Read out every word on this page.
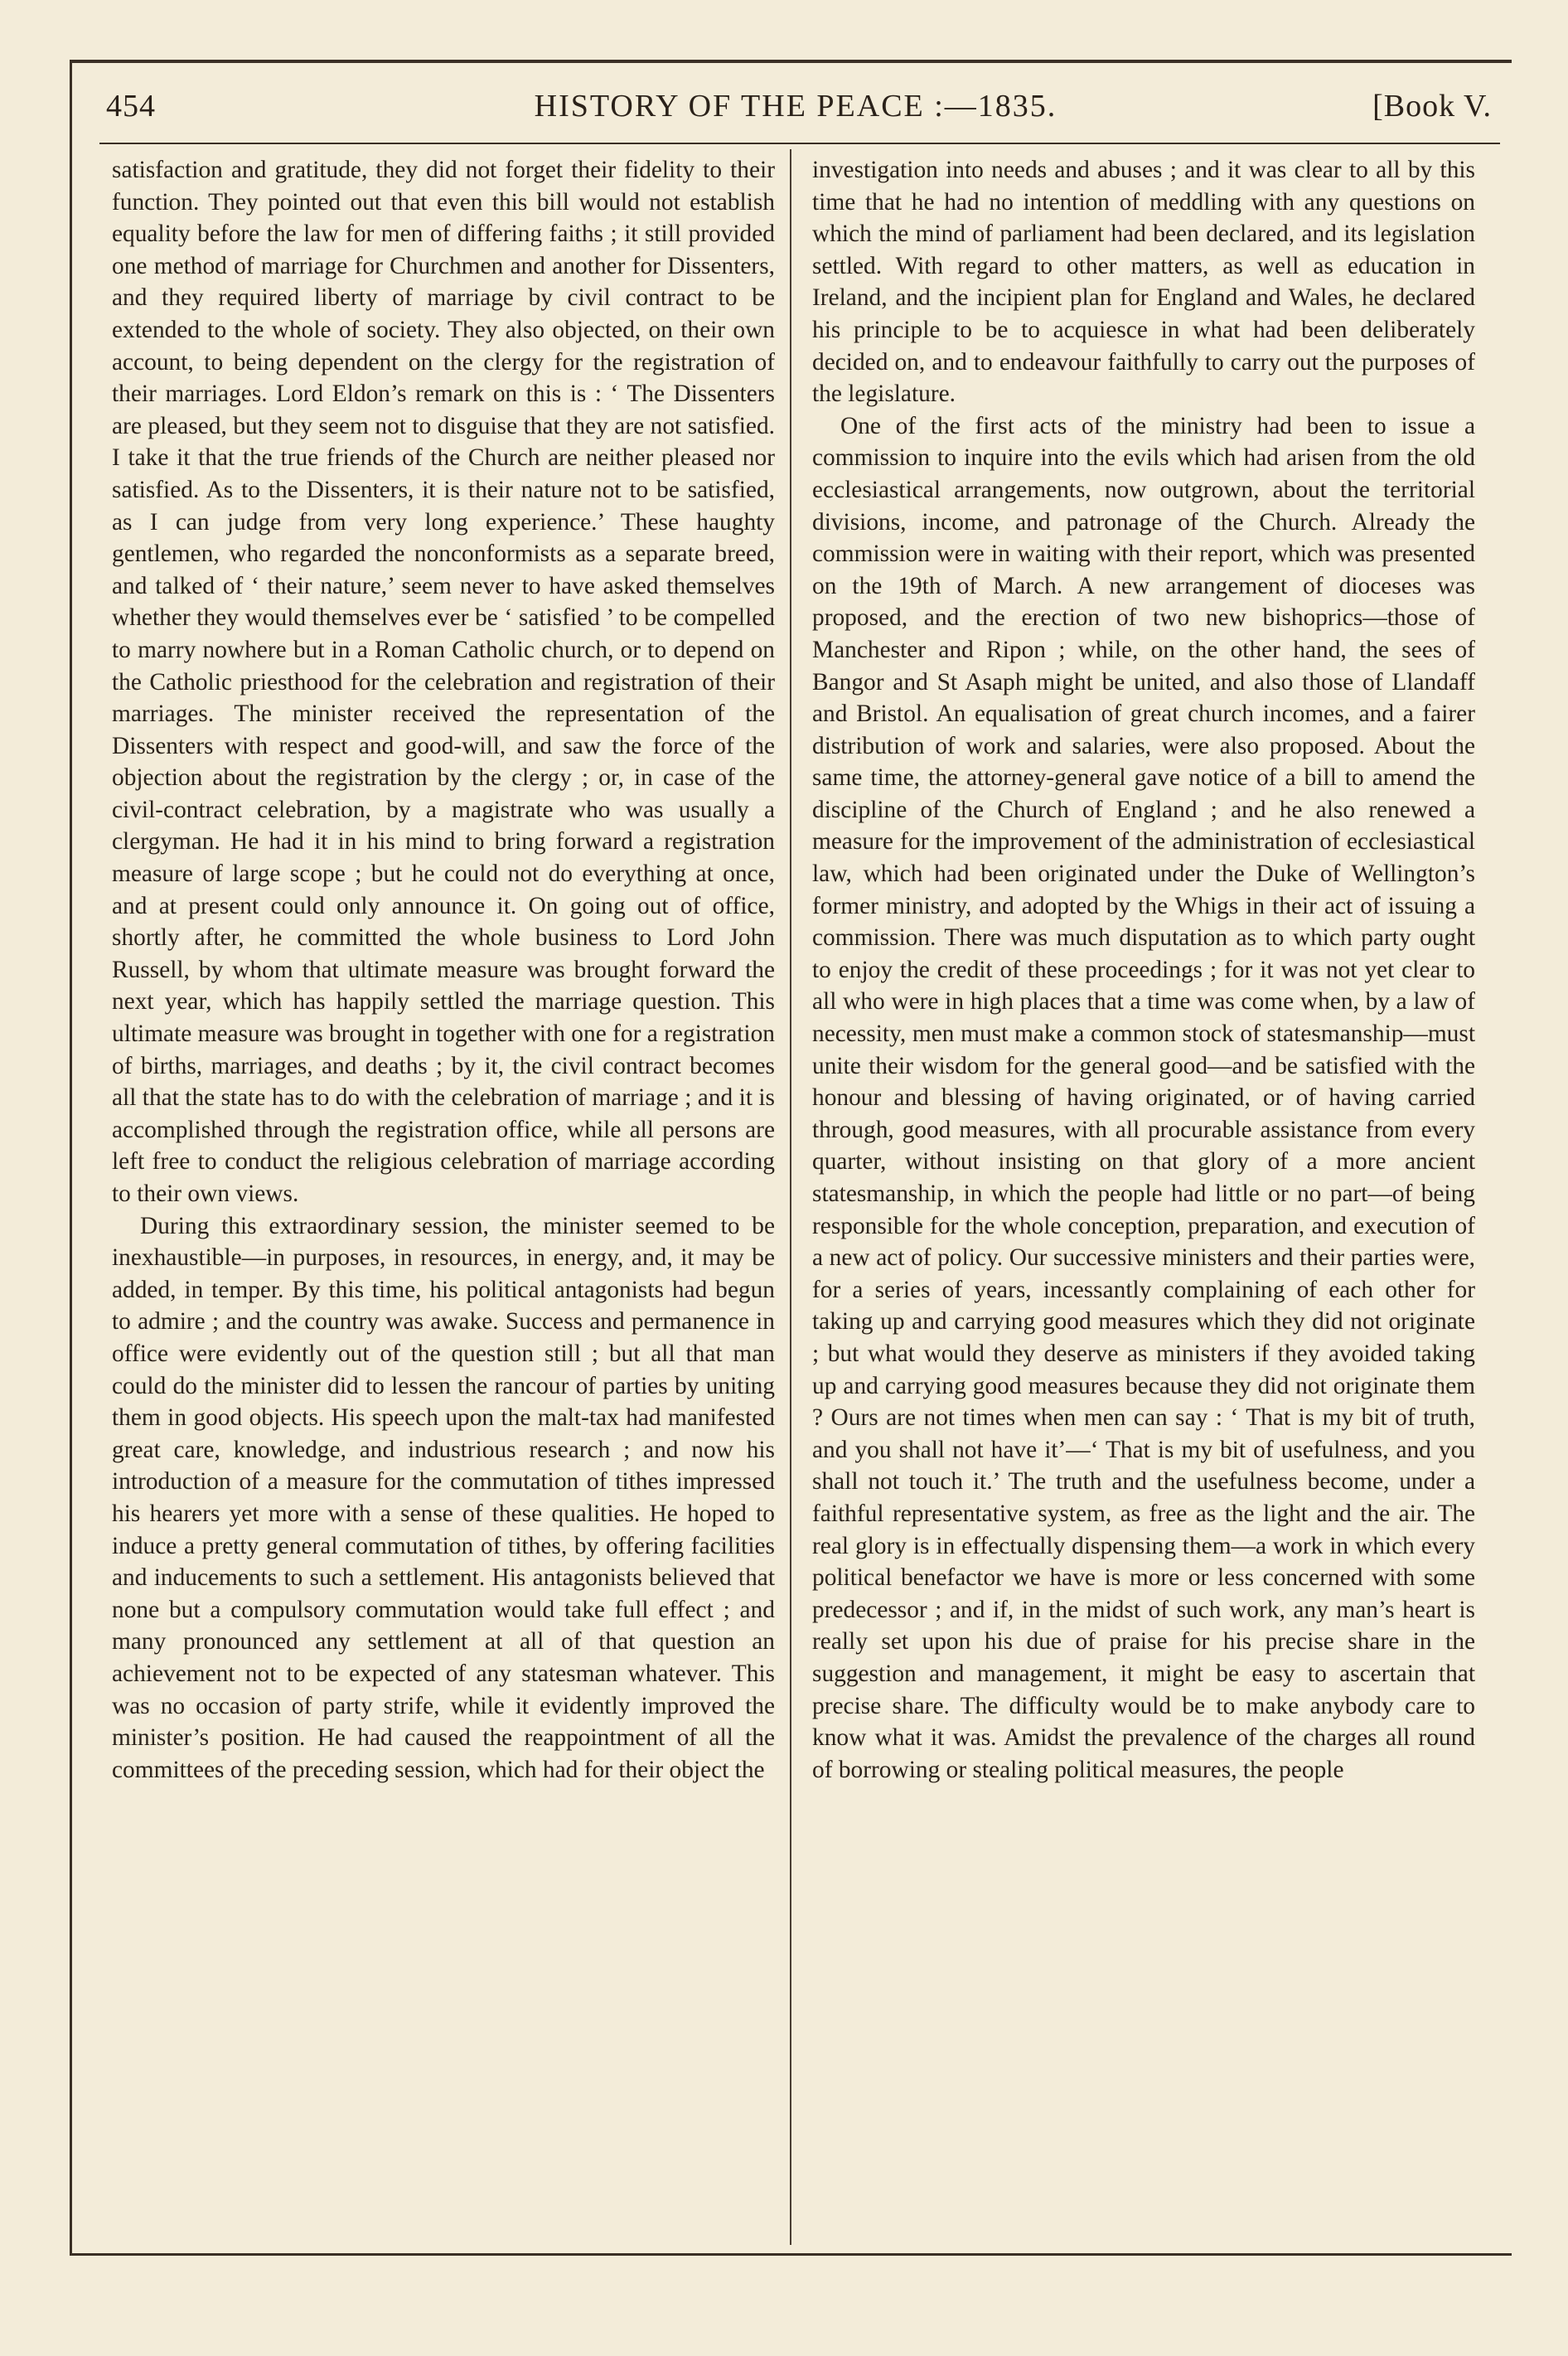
454	HISTORY OF THE PEACE :—1835.	[Book V.

satisfaction and gratitude, they did not forget their fidelity to their function. They pointed out that even this bill would not establish equality before the law for men of differing faiths ; it still provided one method of marriage for Churchmen and another for Dissenters, and they required liberty of marriage by civil contract to be extended to the whole of society. They also objected, on their own account, to being dependent on the clergy for the registration of their marriages. Lord Eldon’s remark on this is : ‘ The Dissenters are pleased, but they seem not to disguise that they are not satisfied. I take it that the true friends of the Church are neither pleased nor satisfied. As to the Dissenters, it is their nature not to be satisfied, as I can judge from very long experience.’ These haughty gentlemen, who regarded the nonconformists as a separate breed, and talked of ‘ their nature,’ seem never to have asked themselves whether they would themselves ever be ‘ satisfied ’ to be compelled to marry nowhere but in a Roman Catholic church, or to depend on the Catholic priesthood for the celebration and registration of their marriages. The minister received the representation of the Dissenters with respect and good-will, and saw the force of the objection about the registration by the clergy ; or, in case of the civil-contract celebration, by a magistrate who was usually a clergyman. He had it in his mind to bring forward a registration measure of large scope ; but he could not do everything at once, and at present could only announce it. On going out of office, shortly after, he committed the whole business to Lord John Russell, by whom that ultimate measure was brought forward the next year, which has happily settled the marriage question. This ultimate measure was brought in together with one for a registration of births, marriages, and deaths ; by it, the civil contract becomes all that the state has to do with the celebration of marriage ; and it is accomplished through the registration office, while all persons are left free to conduct the religious celebration of marriage according to their own views.

During this extraordinary session, the minister seemed to be inexhaustible—in purposes, in resources, in energy, and, it may be added, in temper. By this time, his political antagonists had begun to admire ; and the country was awake. Success and permanence in office were evidently out of the question still ; but all that man could do the minister did to lessen the rancour of parties by uniting them in good objects. His speech upon the malt-tax had manifested great care, knowledge, and industrious research ; and now his introduction of a measure for the commutation of tithes impressed his hearers yet more with a sense of these qualities. He hoped to induce a pretty general commutation of tithes, by offering facilities and inducements to such a settlement. His antagonists believed that none but a compulsory commutation would take full effect ; and many pronounced any settlement at all of that question an achievement not to be expected of any statesman whatever. This was no occasion of party strife, while it evidently improved the minister’s position. He had caused the reappointment of all the committees of the preceding session, which had for their object the

investigation into needs and abuses ; and it was clear to all by this time that he had no intention of meddling with any questions on which the mind of parliament had been declared, and its legislation settled. With regard to other matters, as well as education in Ireland, and the incipient plan for England and Wales, he declared his principle to be to acquiesce in what had been deliberately decided on, and to endeavour faithfully to carry out the purposes of the legislature.

One of the first acts of the ministry had been to issue a commission to inquire into the evils which had arisen from the old ecclesiastical arrangements, now outgrown, about the territorial divisions, income, and patronage of the Church. Already the commission were in waiting with their report, which was presented on the 19th of March. A new arrangement of dioceses was proposed, and the erection of two new bishoprics—those of Manchester and Ripon ; while, on the other hand, the sees of Bangor and St Asaph might be united, and also those of Llandaff and Bristol. An equalisation of great church incomes, and a fairer distribution of work and salaries, were also proposed. About the same time, the attorney-general gave notice of a bill to amend the discipline of the Church of England ; and he also renewed a measure for the improvement of the administration of ecclesiastical law, which had been originated under the Duke of Wellington’s former ministry, and adopted by the Whigs in their act of issuing a commission. There was much disputation as to which party ought to enjoy the credit of these proceedings ; for it was not yet clear to all who were in high places that a time was come when, by a law of necessity, men must make a common stock of statesmanship—must unite their wisdom for the general good—and be satisfied with the honour and blessing of having originated, or of having carried through, good measures, with all procurable assistance from every quarter, without insisting on that glory of a more ancient statesmanship, in which the people had little or no part—of being responsible for the whole conception, preparation, and execution of a new act of policy. Our successive ministers and their parties were, for a series of years, incessantly complaining of each other for taking up and carrying good measures which they did not originate ; but what would they deserve as ministers if they avoided taking up and carrying good measures because they did not originate them ? Ours are not times when men can say : ‘ That is my bit of truth, and you shall not have it’—‘ That is my bit of usefulness, and you shall not touch it.’ The truth and the usefulness become, under a faithful representative system, as free as the light and the air. The real glory is in effectually dispensing them—a work in which every political benefactor we have is more or less concerned with some predecessor ; and if, in the midst of such work, any man’s heart is really set upon his due of praise for his precise share in the suggestion and management, it might be easy to ascertain that precise share. The difficulty would be to make anybody care to know what it was. Amidst the prevalence of the charges all round of borrowing or stealing political measures, the people
